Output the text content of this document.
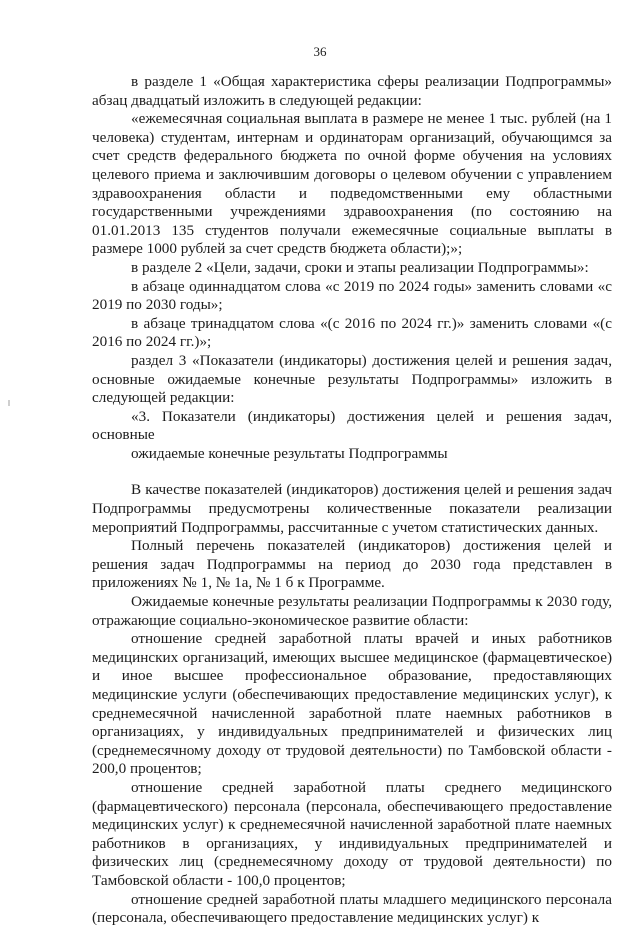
36

в разделе 1 «Общая характеристика сферы реализации Подпрограммы» абзац двадцатый изложить в следующей редакции:

«ежемесячная социальная выплата в размере не менее 1 тыс. рублей (на 1 человека) студентам, интернам и ординаторам организаций, обучающимся за счет средств федерального бюджета по очной форме обучения на условиях целевого приема и заключившим договоры о целевом обучении с управлением здравоохранения области и подведомственными ему областными государственными учреждениями здравоохранения (по состоянию на 01.01.2013 135 студентов получали ежемесячные социальные выплаты в размере 1000 рублей за счет средств бюджета области);»;

в разделе 2 «Цели, задачи, сроки и этапы реализации Подпрограммы»:

в абзаце одиннадцатом слова «с 2019 по 2024 годы» заменить словами «с 2019 по 2030 годы»;

в абзаце тринадцатом слова «(с 2016 по 2024 гг.)» заменить словами «(с 2016 по 2024 гг.)»;

раздел 3 «Показатели (индикаторы) достижения целей и решения задач, основные ожидаемые конечные результаты Подпрограммы» изложить в следующей редакции:

«3. Показатели (индикаторы) достижения целей и решения задач, основные
ожидаемые конечные результаты Подпрограммы

В качестве показателей (индикаторов) достижения целей и решения задач Подпрограммы предусмотрены количественные показатели реализации мероприятий Подпрограммы, рассчитанные с учетом статистических данных.

Полный перечень показателей (индикаторов) достижения целей и решения задач Подпрограммы на период до 2030 года представлен в приложениях № 1, № 1а, № 1 б к Программе.

Ожидаемые конечные результаты реализации Подпрограммы к 2030 году, отражающие социально-экономическое развитие области:

отношение средней заработной платы врачей и иных работников медицинских организаций, имеющих высшее медицинское (фармацевтическое) и иное высшее профессиональное образование, предоставляющих медицинские услуги (обеспечивающих предоставление медицинских услуг), к среднемесячной начисленной заработной плате наемных работников в организациях, у индивидуальных предпринимателей и физических лиц (среднемесячному доходу от трудовой деятельности) по Тамбовской области - 200,0 процентов;

отношение средней заработной платы среднего медицинского (фармацевтического) персонала (персонала, обеспечивающего предоставление медицинских услуг) к среднемесячной начисленной заработной плате наемных работников в организациях, у индивидуальных предпринимателей и физических лиц (среднемесячному доходу от трудовой деятельности) по Тамбовской области - 100,0 процентов;

отношение средней заработной платы младшего медицинского персонала (персонала, обеспечивающего предоставление медицинских услуг) к
